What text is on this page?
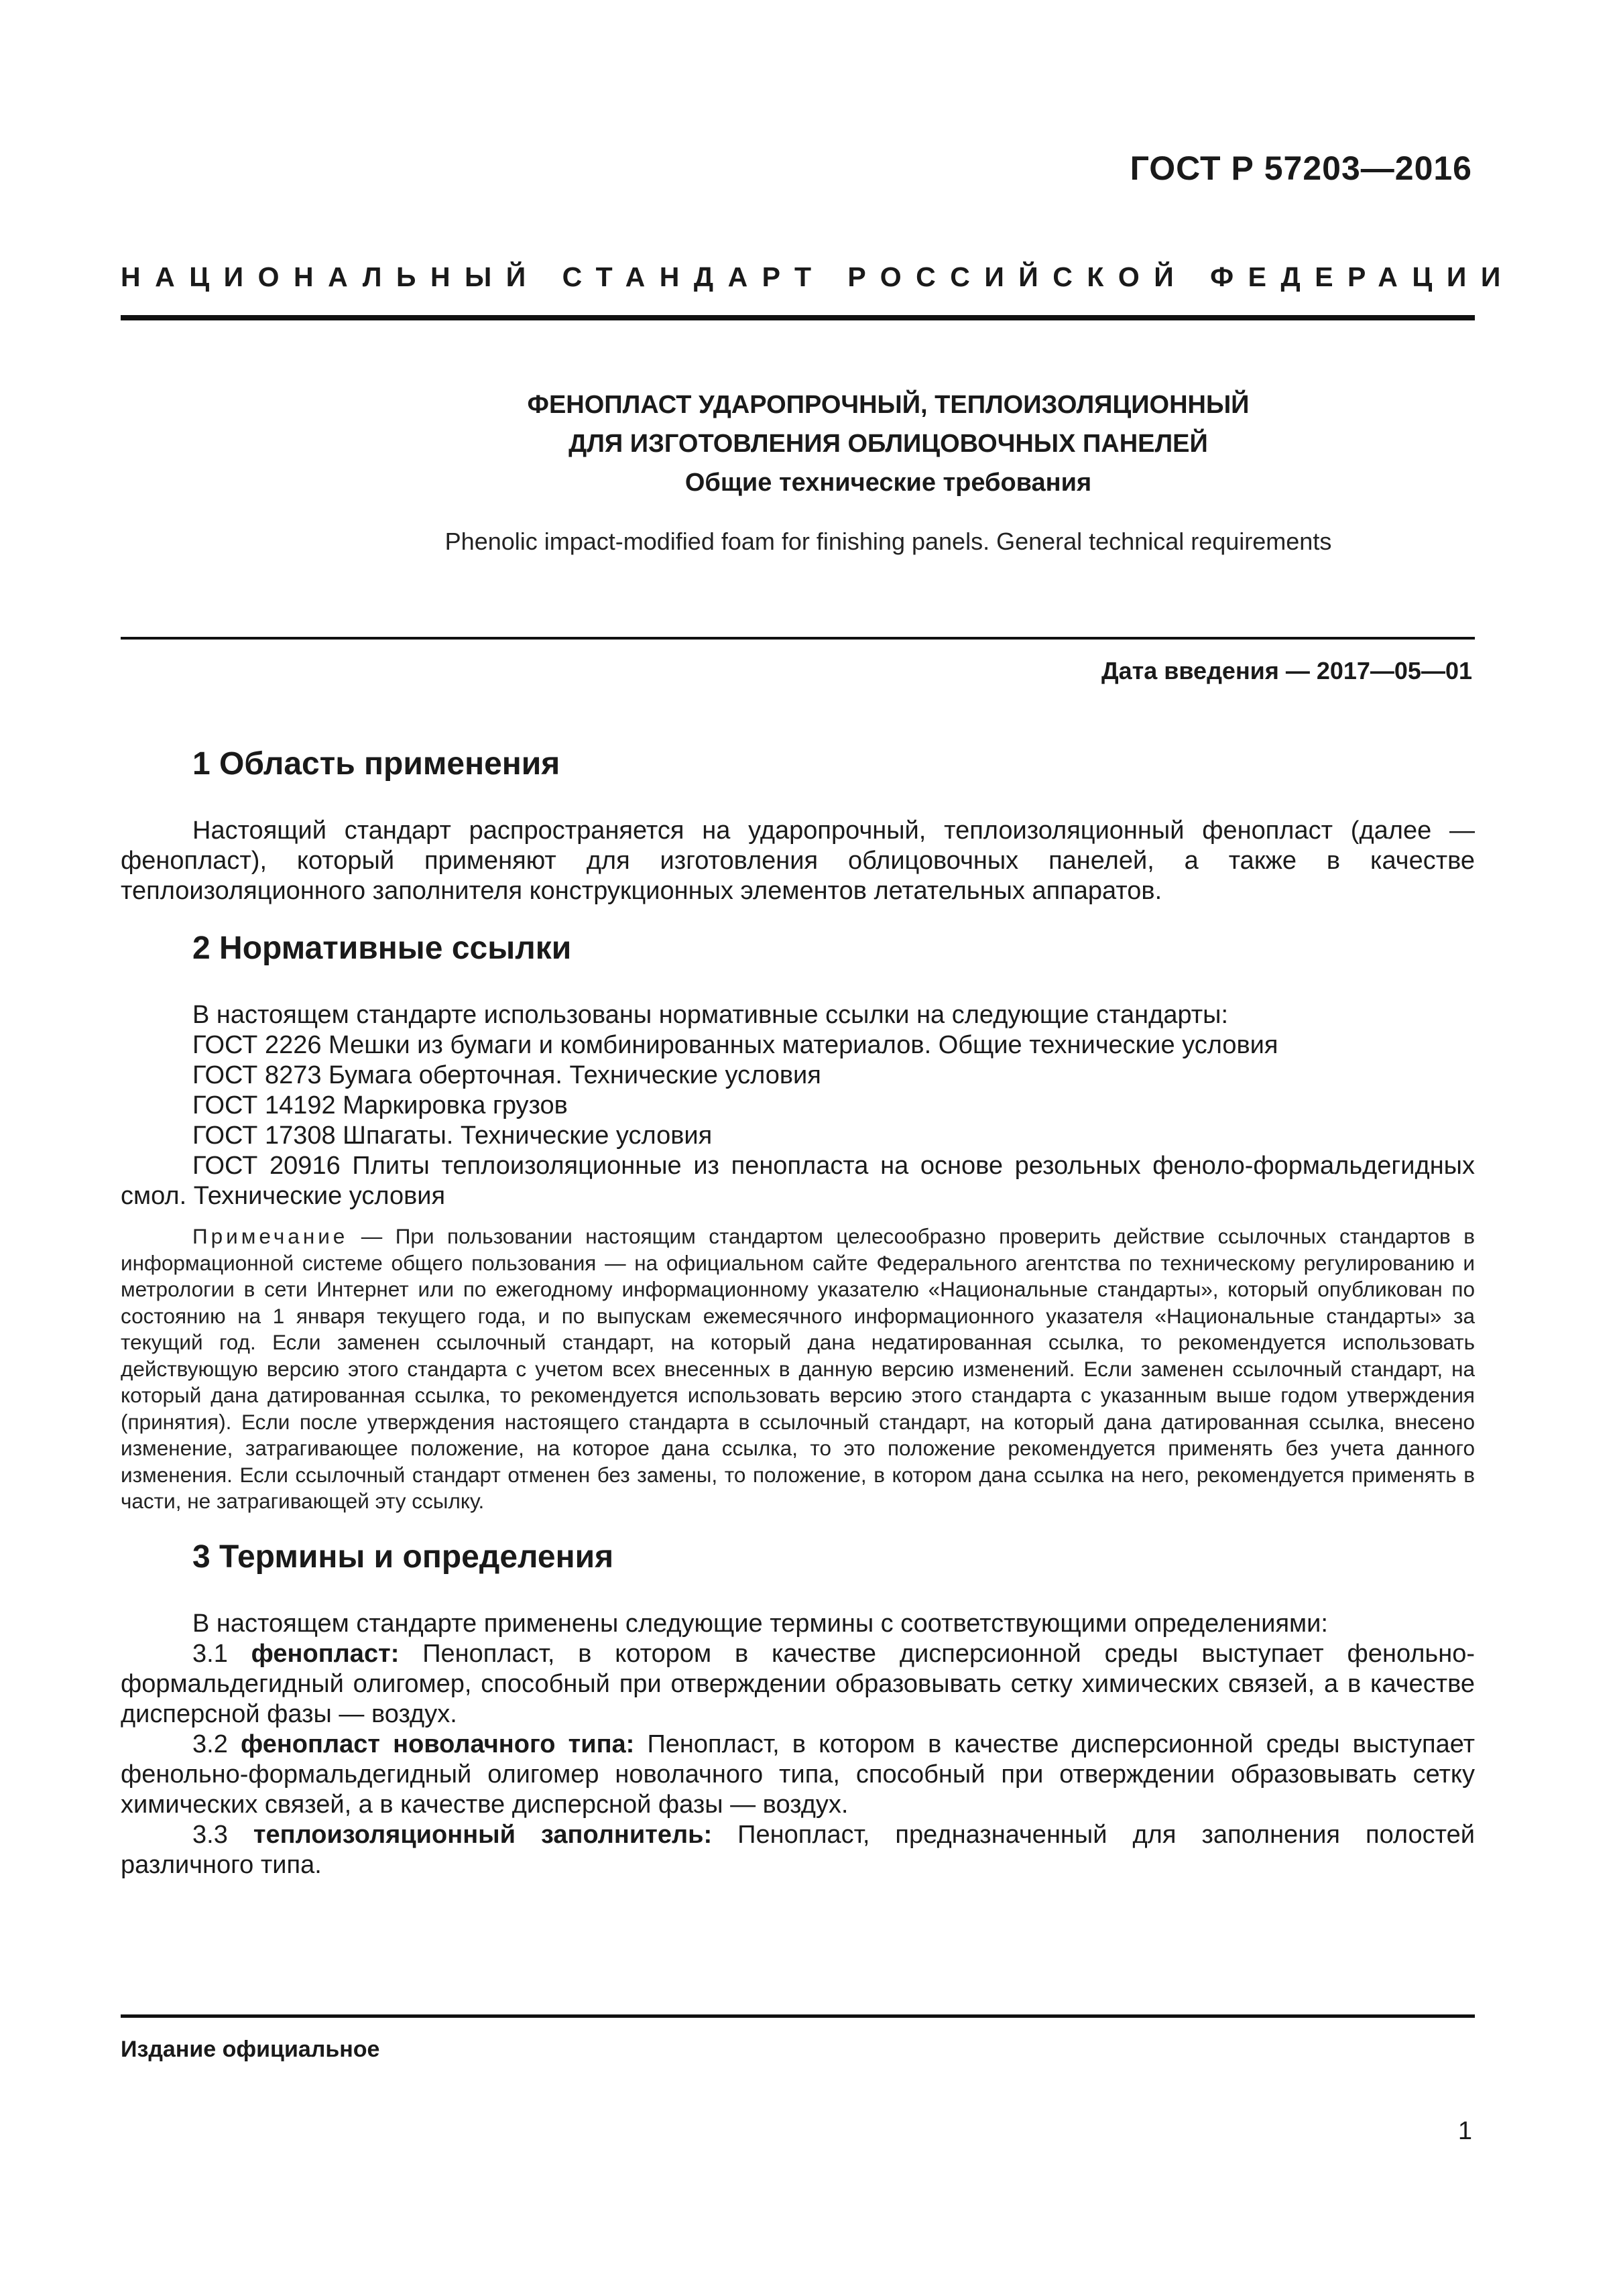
ГОСТ Р 57203—2016
НАЦИОНАЛЬНЫЙ СТАНДАРТ РОССИЙСКОЙ ФЕДЕРАЦИИ
ФЕНОПЛАСТ УДАРОПРОЧНЫЙ, ТЕПЛОИЗОЛЯЦИОННЫЙ
ДЛЯ ИЗГОТОВЛЕНИЯ ОБЛИЦОВОЧНЫХ ПАНЕЛЕЙ
Общие технические требования
Phenolic impact-modified foam for finishing panels. General technical requirements
Дата введения — 2017—05—01
1 Область применения

Настоящий стандарт распространяется на ударопрочный, теплоизоляционный фенопласт (далее — фенопласт), который применяют для изготовления облицовочных панелей, а также в качестве теплоизоляционного заполнителя конструкционных элементов летательных аппаратов.

2 Нормативные ссылки
В настоящем стандарте использованы нормативные ссылки на следующие стандарты:
ГОСТ 2226 Мешки из бумаги и комбинированных материалов. Общие технические условия
ГОСТ 8273 Бумага оберточная. Технические условия
ГОСТ 14192 Маркировка грузов
ГОСТ 17308 Шпагаты. Технические условия

ГОСТ 20916 Плиты теплоизоляционные из пенопласта на основе резольных феноло-формальдегидных смол. Технические условия

Примечание — При пользовании настоящим стандартом целесообразно проверить действие ссылочных стандартов в информационной системе общего пользования — на официальном сайте Федерального агентства по техническому регулированию и метрологии в сети Интернет или по ежегодному информационному указателю «Национальные стандарты», который опубликован по состоянию на 1 января текущего года, и по выпускам ежемесячного информационного указателя «Национальные стандарты» за текущий год. Если заменен ссылочный стандарт, на который дана недатированная ссылка, то рекомендуется использовать действующую версию этого стандарта с учетом всех внесенных в данную версию изменений. Если заменен ссылочный стандарт, на который дана датированная ссылка, то рекомендуется использовать версию этого стандарта с указанным выше годом утверждения (принятия). Если после утверждения настоящего стандарта в ссылочный стандарт, на который дана датированная ссылка, внесено изменение, затрагивающее положение, на которое дана ссылка, то это положение рекомендуется применять без учета данного изменения. Если ссылочный стандарт отменен без замены, то положение, в котором дана ссылка на него, рекомендуется применять в части, не затрагивающей эту ссылку.

3 Термины и определения
В настоящем стандарте применены следующие термины с соответствующими определениями:

3.1 фенопласт: Пенопласт, в котором в качестве дисперсионной среды выступает фенольно-формальдегидный олигомер, способный при отверждении образовывать сетку химических связей, а в качестве дисперсной фазы — воздух.

3.2 фенопласт новолачного типа: Пенопласт, в котором в качестве дисперсионной среды выступает фенольно-формальдегидный олигомер новолачного типа, способный при отверждении образовывать сетку химических связей, а в качестве дисперсной фазы — воздух.

3.3 теплоизоляционный заполнитель: Пенопласт, предназначенный для заполнения полостей различного типа.

Издание официальное
1
